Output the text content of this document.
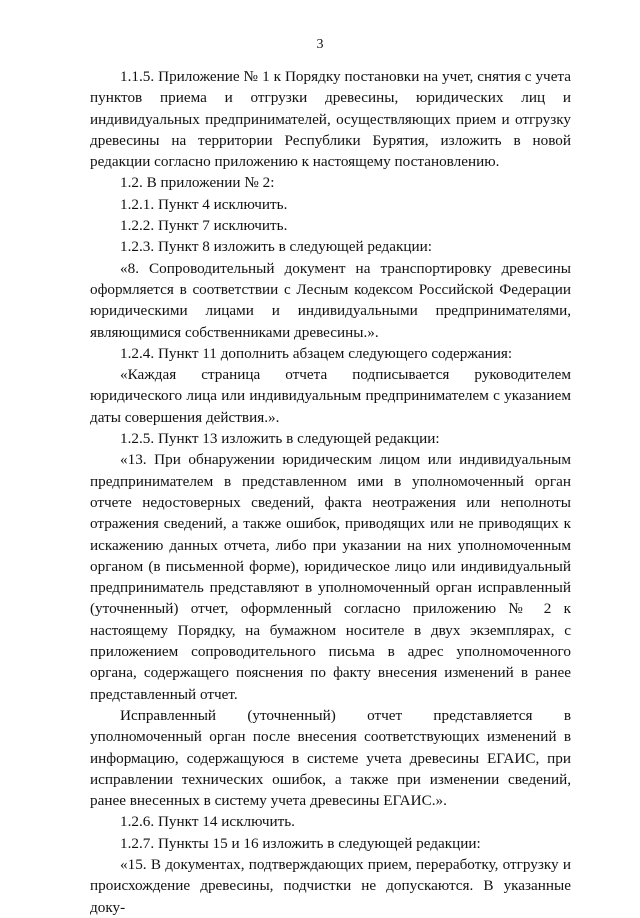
3

1.1.5. Приложение № 1 к Порядку постановки на учет, снятия с учета пунктов приема и отгрузки древесины, юридических лиц и индивидуальных предпринимателей, осуществляющих прием и отгрузку древесины на территории Республики Бурятия, изложить в новой редакции согласно приложению к настоящему постановлению.

1.2. В приложении № 2:

1.2.1. Пункт 4 исключить.

1.2.2. Пункт 7 исключить.

1.2.3. Пункт 8 изложить в следующей редакции:

«8. Сопроводительный документ на транспортировку древесины оформляется в соответствии с Лесным кодексом Российской Федерации юридическими лицами и индивидуальными предпринимателями, являющимися собственниками древесины.».

1.2.4. Пункт 11 дополнить абзацем следующего содержания:

«Каждая страница отчета подписывается руководителем юридического лица или индивидуальным предпринимателем с указанием даты совершения действия.».

1.2.5. Пункт 13 изложить в следующей редакции:

«13. При обнаружении юридическим лицом или индивидуальным предпринимателем в представленном ими в уполномоченный орган отчете недостоверных сведений, факта неотражения или неполноты отражения сведений, а также ошибок, приводящих или не приводящих к искажению данных отчета, либо при указании на них уполномоченным органом (в письменной форме), юридическое лицо или индивидуальный предприниматель представляют в уполномоченный орган исправленный (уточненный) отчет, оформленный согласно приложению № 2 к настоящему Порядку, на бумажном носителе в двух экземплярах, с приложением сопроводительного письма в адрес уполномоченного органа, содержащего пояснения по факту внесения изменений в ранее представленный отчет.

Исправленный (уточненный) отчет представляется в уполномоченный орган после внесения соответствующих изменений в информацию, содержащуюся в системе учета древесины ЕГАИС, при исправлении технических ошибок, а также при изменении сведений, ранее внесенных в систему учета древесины ЕГАИС.».

1.2.6. Пункт 14 исключить.

1.2.7. Пункты 15 и 16 изложить в следующей редакции:

«15. В документах, подтверждающих прием, переработку, отгрузку и происхождение древесины, подчистки не допускаются. В указанные доку-
